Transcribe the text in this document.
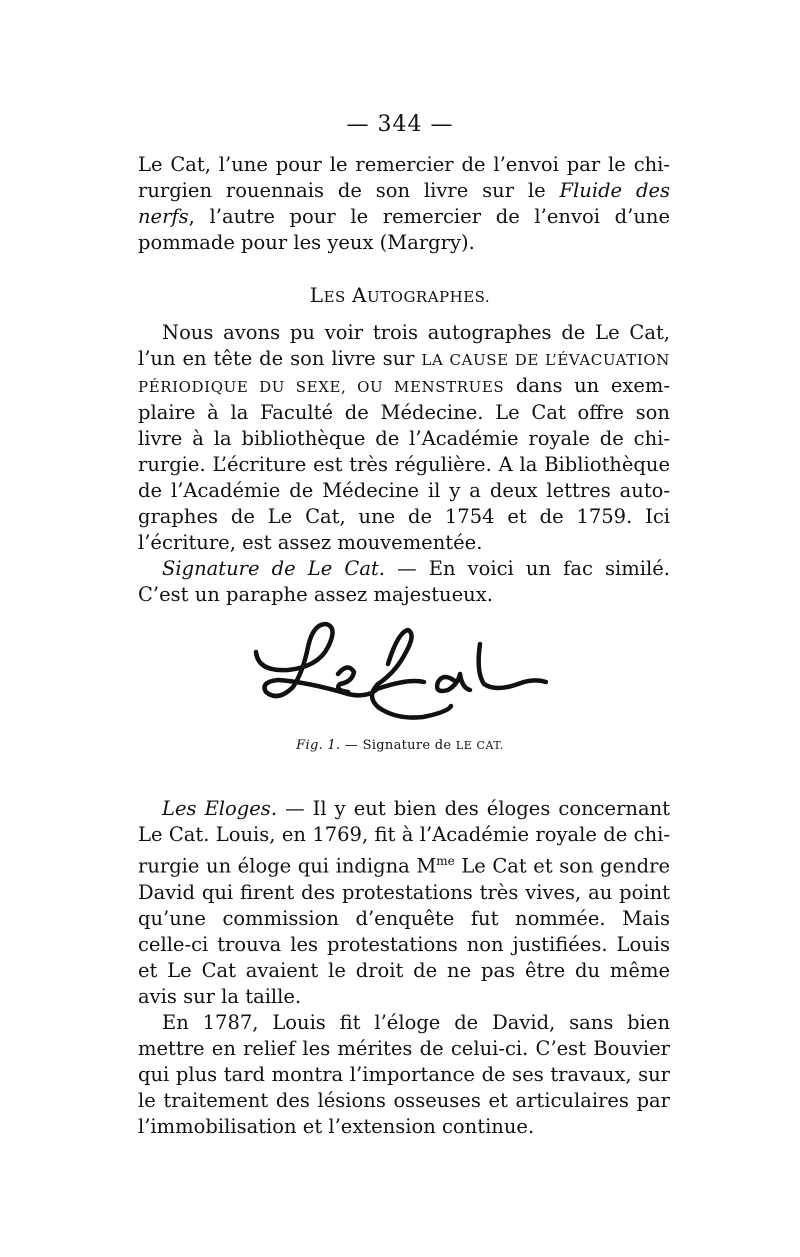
— 344 —

Le Cat, l’une pour le remercier de l’envoi par le chirurgien rouennais de son livre sur le Fluide des nerfs, l’autre pour le remercier de l’envoi d’une pommade pour les yeux (Margry).

LES AUTOGRAPHES.

Nous avons pu voir trois autographes de Le Cat, l’un en tête de son livre sur LA CAUSE DE L’ÉVACUATION PÉRIODIQUE DU SEXE, OU MENSTRUES dans un exemplaire à la Faculté de Médecine. Le Cat offre son livre à la bibliothèque de l’Académie royale de chirurgie. L’écriture est très régulière. A la Bibliothèque de l’Académie de Médecine il y a deux lettres autographes de Le Cat, une de 1754 et de 1759. Ici l’écriture, est assez mouvementée.

Signature de Le Cat. — En voici un fac similé. C’est un paraphe assez majestueux.

Fig. 1. — Signature de LE CAT.

Les Eloges. — Il y eut bien des éloges concernant Le Cat. Louis, en 1769, fit à l’Académie royale de chirurgie un éloge qui indigna $M^{me}$ Le Cat et son gendre David qui firent des protestations très vives, au point qu’une commission d’enquête fut nommée. Mais celle-ci trouva les protestations non justifiées. Louis et Le Cat avaient le droit de ne pas être du même avis sur la taille.

En 1787, Louis fit l’éloge de David, sans bien mettre en relief les mérites de celui-ci. C’est Bouvier qui plus tard montra l’importance de ses travaux, sur le traitement des lésions osseuses et articulaires par l’immobilisation et l’extension continue.
